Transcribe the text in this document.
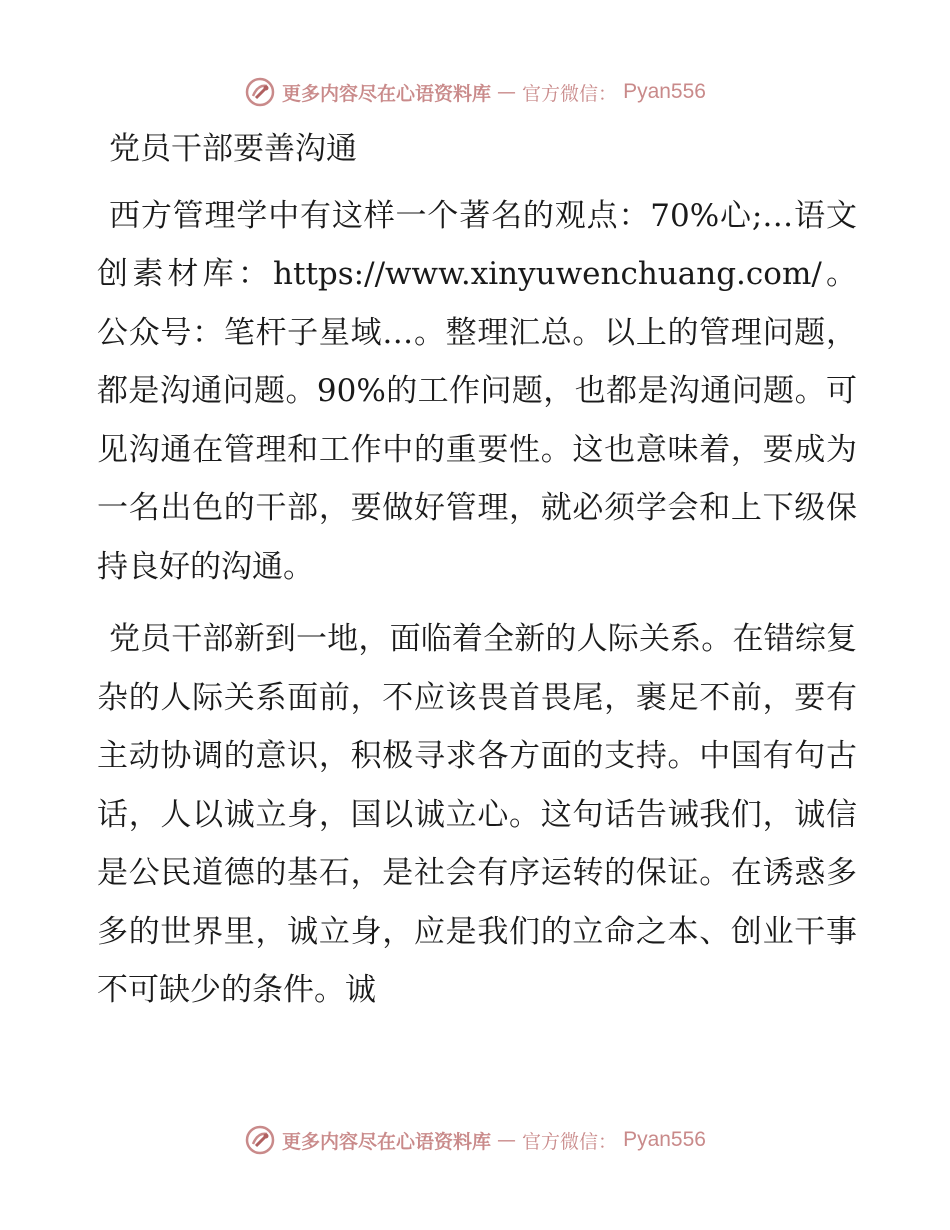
更多内容尽在心语资料库 — 官方微信： Pyan556

党员干部要善沟通

西方管理学中有这样一个著名的观点：70%心;…语文创素材库：https://www.xinyuwenchuang.com/。公众号：笔杆子星域…。整理汇总。以上的管理问题，都是沟通问题。90%的工作问题，也都是沟通问题。可见沟通在管理和工作中的重要性。这也意味着，要成为一名出色的干部，要做好管理，就必须学会和上下级保持良好的沟通。

党员干部新到一地，面临着全新的人际关系。在错综复杂的人际关系面前，不应该畏首畏尾，裹足不前，要有主动协调的意识，积极寻求各方面的支持。中国有句古话，人以诚立身，国以诚立心。这句话告诫我们，诚信是公民道德的基石，是社会有序运转的保证。在诱惑多多的世界里，诚立身，应是我们的立命之本、创业干事不可缺少的条件。诚

更多内容尽在心语资料库 — 官方微信： Pyan556
